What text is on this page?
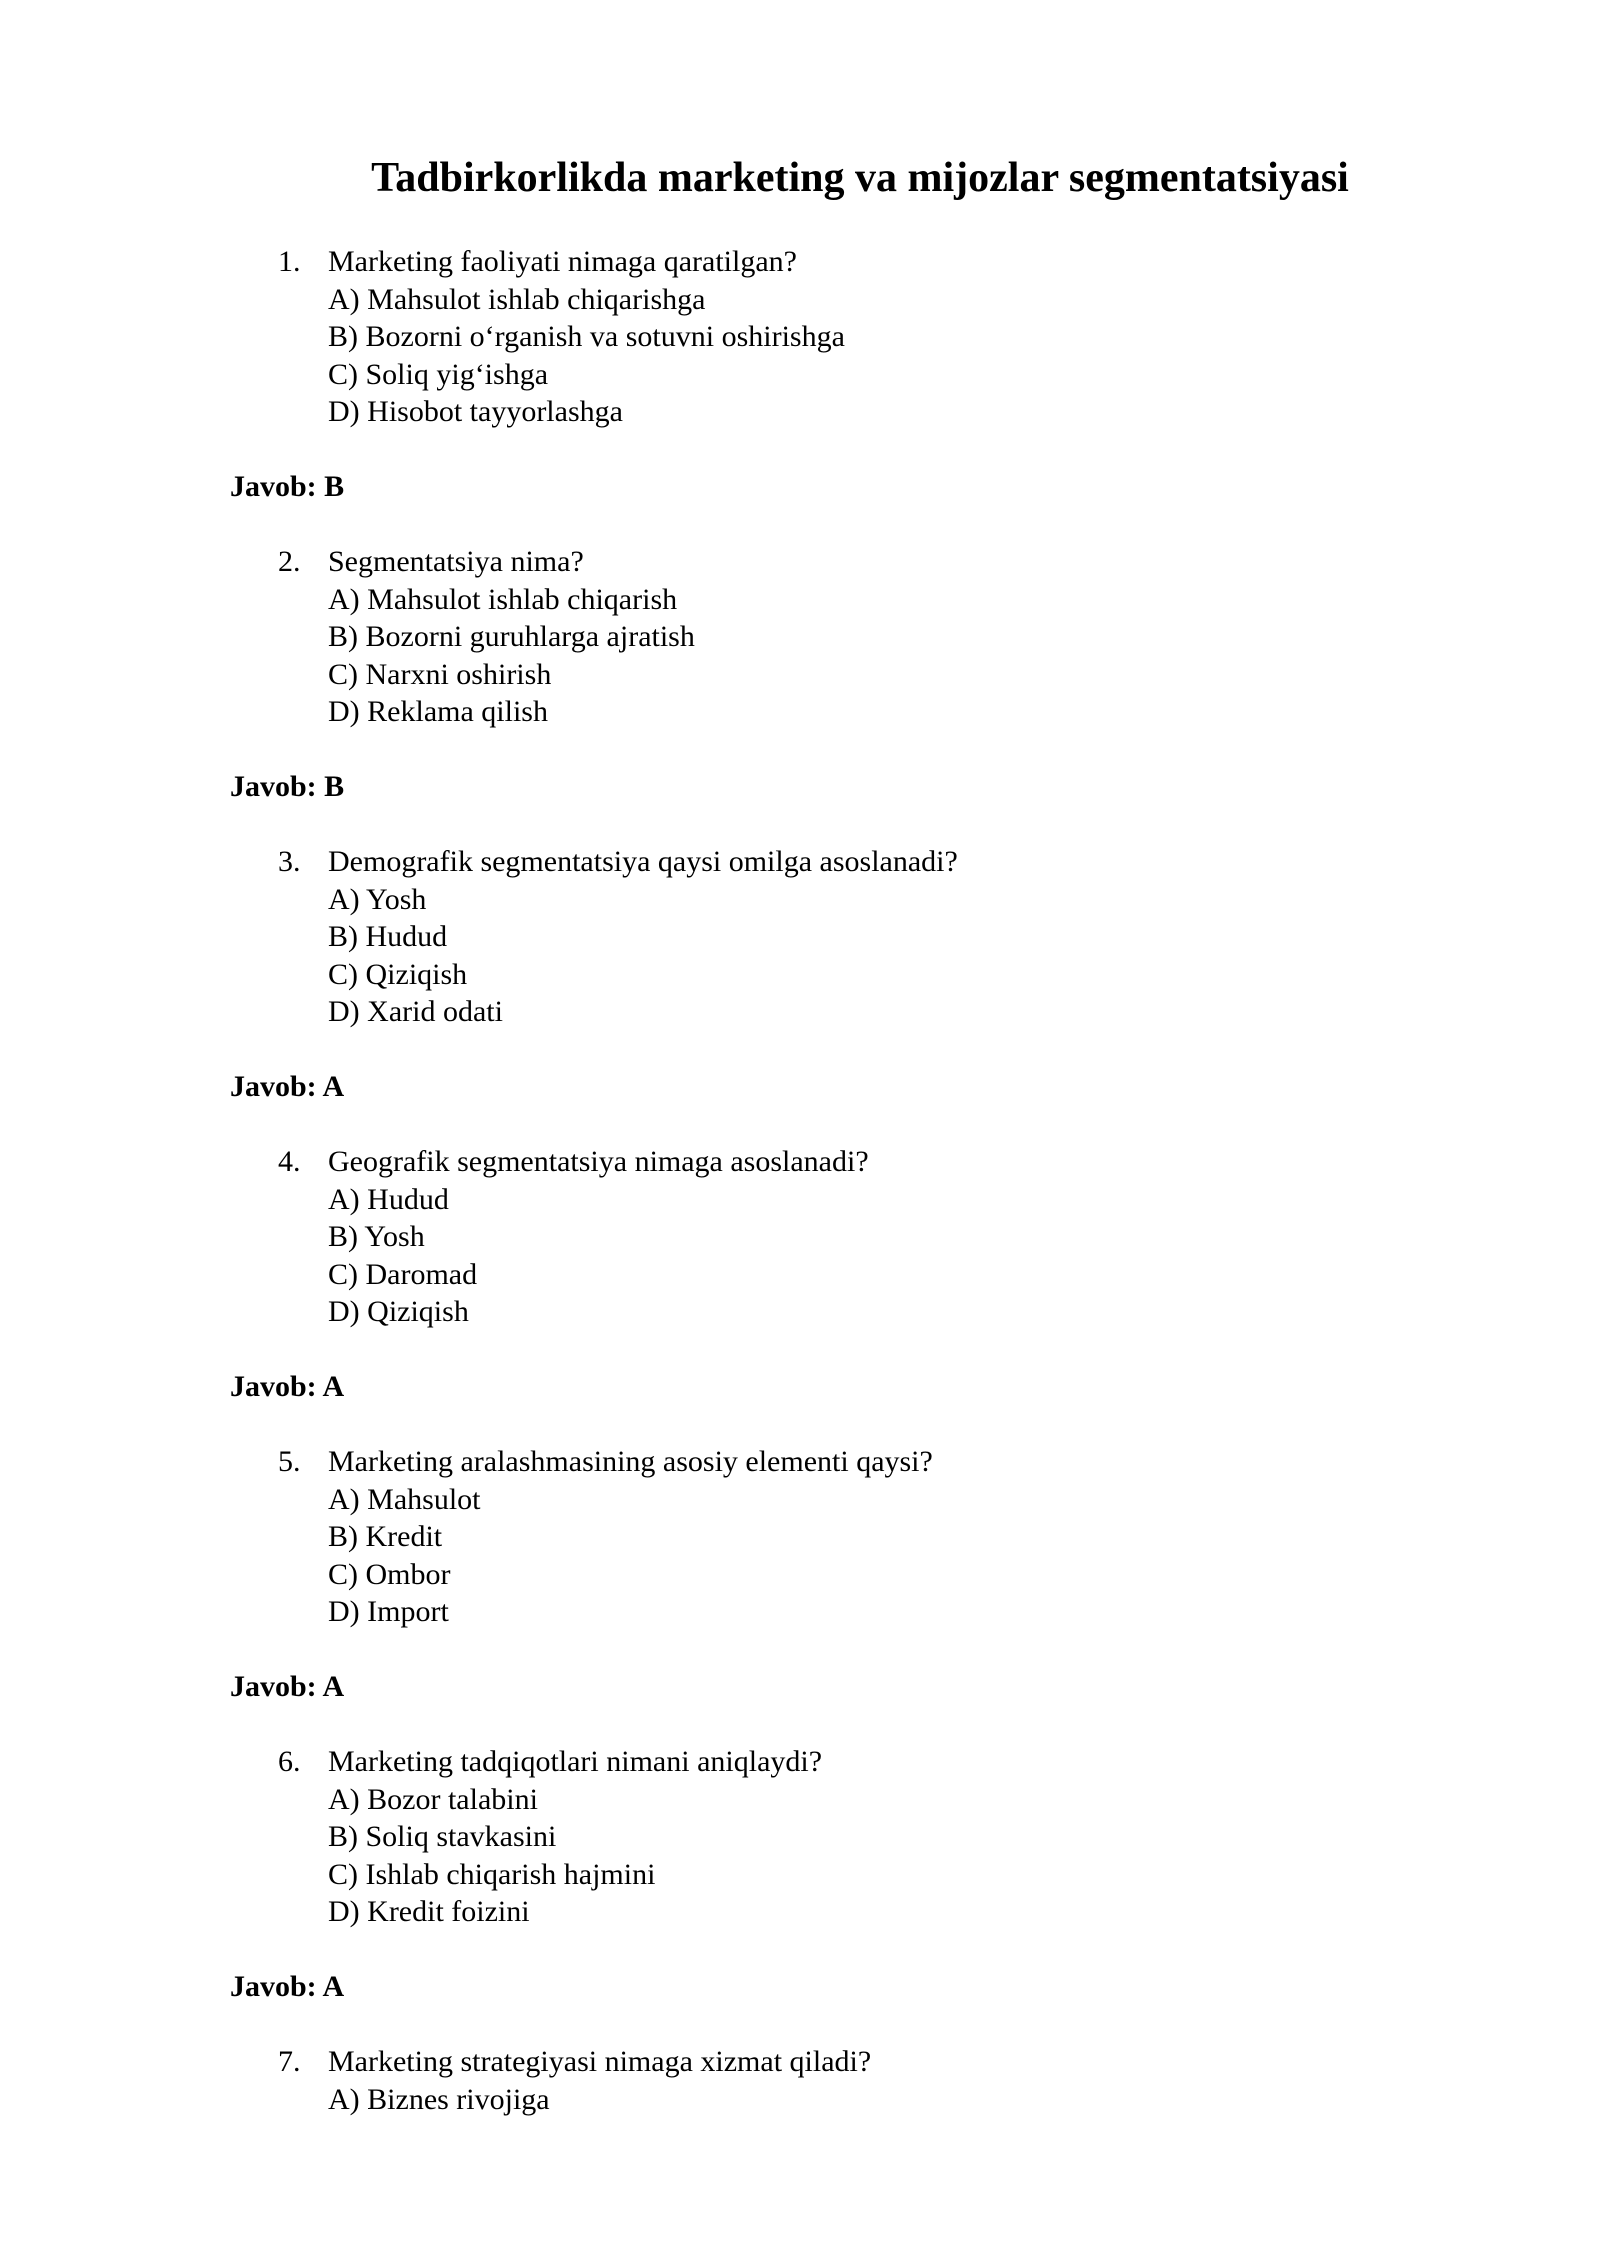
Tadbirkorlikda marketing va mijozlar segmentatsiyasi
1. Marketing faoliyati nimaga qaratilgan?
A) Mahsulot ishlab chiqarishga
B) Bozorni o‘rganish va sotuvni oshirishga
C) Soliq yig‘ishga
D) Hisobot tayyorlashga
Javob: B
2. Segmentatsiya nima?
A) Mahsulot ishlab chiqarish
B) Bozorni guruhlarga ajratish
C) Narxni oshirish
D) Reklama qilish
Javob: B
3. Demografik segmentatsiya qaysi omilga asoslanadi?
A) Yosh
B) Hudud
C) Qiziqish
D) Xarid odati
Javob: A
4. Geografik segmentatsiya nimaga asoslanadi?
A) Hudud
B) Yosh
C) Daromad
D) Qiziqish
Javob: A
5. Marketing aralashmasining asosiy elementi qaysi?
A) Mahsulot
B) Kredit
C) Ombor
D) Import
Javob: A
6. Marketing tadqiqotlari nimani aniqlaydi?
A) Bozor talabini
B) Soliq stavkasini
C) Ishlab chiqarish hajmini
D) Kredit foizini
Javob: A
7. Marketing strategiyasi nimaga xizmat qiladi?
A) Biznes rivojiga
